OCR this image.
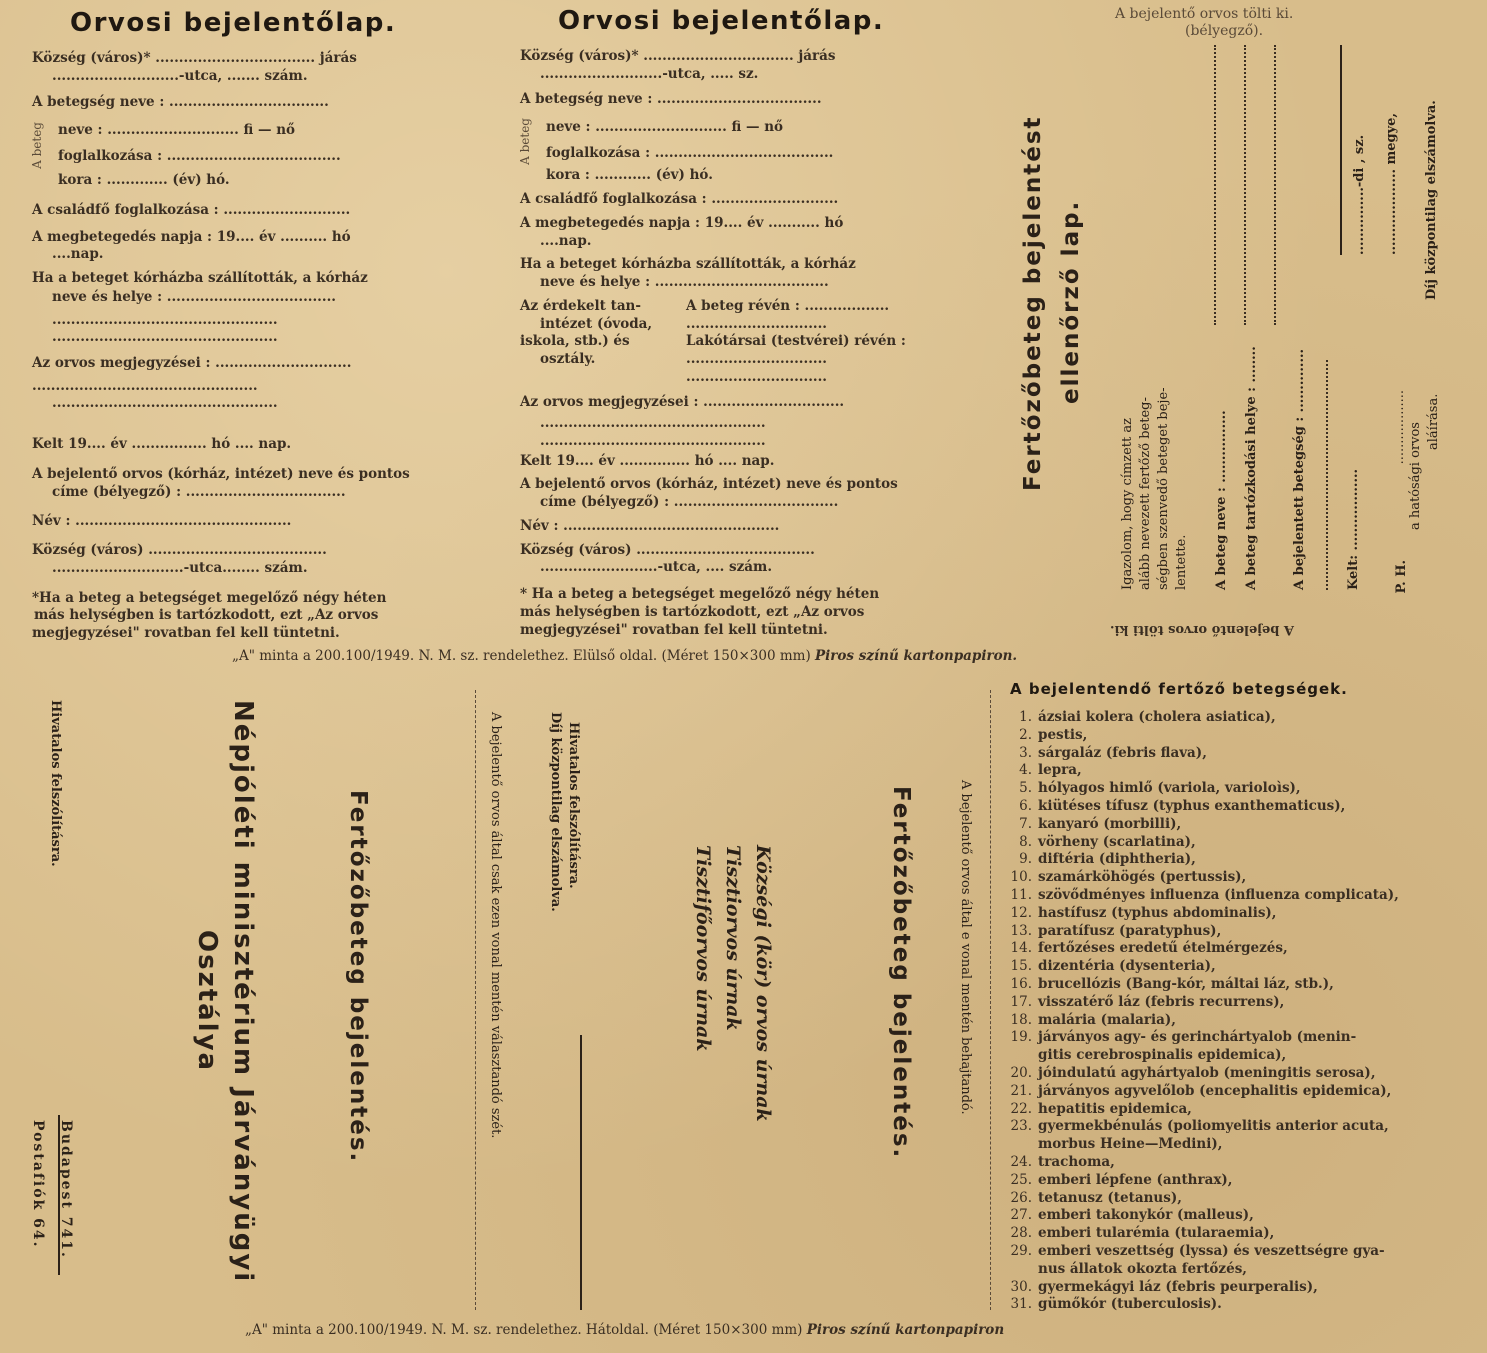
Orvosi bejelentőlap.
Község (város)* .................................. járás
...........................-utca, ....... szám.
A betegség neve : ..................................
neve : ............................ fi — nő
foglalkozása : .....................................
kora : ............. (év) hó.
A családfő foglalkozása : ...........................
A megbetegedés napja : 19.... év .......... hó
....nap.
Ha a beteget kórházba szállították, a kórház
neve és helye : ....................................
................................................
................................................
Az orvos megjegyzései : .............................
................................................
................................................
Kelt 19.... év ................ hó .... nap.
A bejelentő orvos (kórház, intézet) neve és pontos
címe (bélyegző) : ..................................
Név : ..............................................
Község (város) ......................................
............................-utca........ szám.
*Ha a beteg a betegséget megelőző négy héten
más helységben is tartózkodott, ezt „Az orvos
megjegyzései" rovatban fel kell tüntetni.
A beteg
Orvosi bejelentőlap.
Község (város)* ................................ járás
..........................-utca, ..... sz.
A betegség neve : ...................................
neve : ............................ fi — nő
foglalkozása : ......................................
kora : ............ (év) hó.
A családfő foglalkozása : ...........................
A megbetegedés napja : 19.... év ........... hó
....nap.
Ha a beteget kórházba szállították, a kórház
neve és helye : .....................................
Az érdekelt tan-
intézet (óvoda,
iskola, stb.) és
osztály.
A beteg révén : ..................
..............................
Lakótársai (testvérei) révén :
..............................
..............................
Az orvos megjegyzései : ..............................
................................................
................................................
Kelt 19.... év ............... hó .... nap.
A bejelentő orvos (kórház, intézet) neve és pontos
címe (bélyegző) : ...................................
Név : ..............................................
Község (város) ......................................
.........................-utca, .... szám.
* Ha a beteg a betegséget megelőző négy héten
más helységben is tartózkodott, ezt „Az orvos
megjegyzései" rovatban fel kell tüntetni.
A beteg
A bejelentő orvos tölti ki.
(bélyegző).
Fertőzőbeteg bejelentést ellenőrző lap.
Igazolom, hogy címzett az alább nevezett fertőző beteg- ségben szenvedő beteget beje- lentette. A beteg neve : ................ A beteg tartózkodási helye : ........	A bejelentett betegség : ..............	Kelt: ..................	P. H.
.................. a hatósági orvos
aláírása.
...............-di , sz. ................... megye, Díj központilag elszámolva.
A bejelentő orvos tölti ki.
„A" minta a 200.100/1949. N. M. sz. rendelethez. Elülső oldal. (Méret 150×300 mm) Piros színű kartonpapiron.
Hivatalos felszólításra.	Népjóléti minisztérium Járványügyi
Osztálya	Fertőzőbeteg bejelentés.
Budapest 741.
Postafiók 64.
A bejelentő orvos által csak ezen vonal mentén választandó szét.	Hivatalos felszólításra.
Díj központilag elszámolva.
Községi (kör) orvos úrnak
Tisztiorvos úrnak
Tisztifőorvos úrnak	Fertőzőbeteg bejelentés.	A bejelentő orvos által e vonal mentén behajtandó.
A bejelentendő fertőző betegségek.
1. ázsiai kolera (cholera asiatica),
2. pestis,
3. sárgaláz (febris flava),
4. lepra,
5. hólyagos himlő (variola, varioloìs),
6. kiütéses tífusz (typhus exanthematicus),
7. kanyaró (morbilli),
8. vörheny (scarlatina),
9. diftéria (diphtheria),
10. szamárköhögés (pertussis),
11. szövődményes influenza (influenza complicata),
12. hastífusz (typhus abdominalis),
13. paratífusz (paratyphus),
14. fertőzéses eredetű ételmérgezés,
15. dizentéria (dysenteria),
16. brucellózis (Bang-kór, máltai láz, stb.),
17. visszatérő láz (febris recurrens),
18. malária (malaria),
19. járványos agy- és gerinchártyalob (menin-
gitis cerebrospinalis epidemica),
20. jóindulatú agyhártyalob (meningitis serosa),
21. járványos agyvelőlob (encephalitis epidemica),
22. hepatitis epidemica,
23. gyermekbénulás (poliomyelitis anterior acuta,
morbus Heine—Medini),
24. trachoma,
25. emberi lépfene (anthrax),
26. tetanusz (tetanus),
27. emberi takonykór (malleus),
28. emberi tularémia (tularaemia),
29. emberi veszettség (lyssa) és veszettségre gya-
nus állatok okozta fertőzés,
30. gyermekágyi láz (febris peurperalis),
31. gümőkór (tuberculosis).
„A" minta a 200.100/1949. N. M. sz. rendelethez. Hátoldal. (Méret 150×300 mm) Piros színű kartonpapiron
